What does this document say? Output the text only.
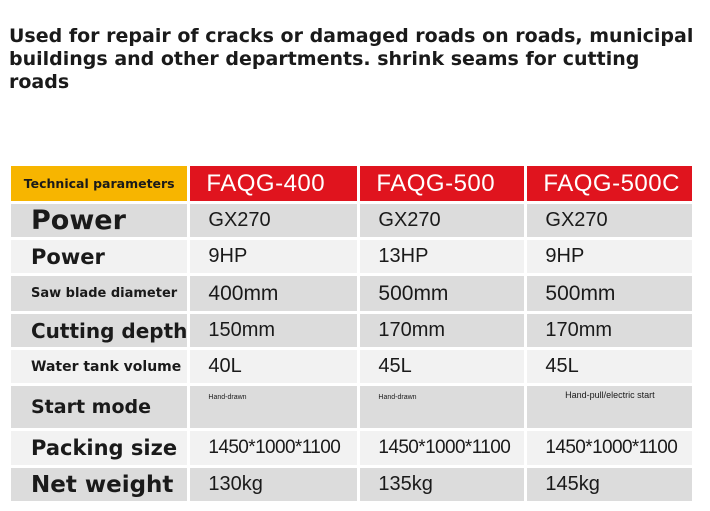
Used for repair of cracks or damaged roads on roads, municipal
buildings and other departments. shrink seams for cutting roads
Technical parameters	FAQG-400	FAQG-500	FAQG-500C
Power	GX270	GX270	GX270
Power	9HP	13HP	9HP
Saw blade diameter	400mm	500mm	500mm
Cutting depth	150mm	170mm	170mm
Water tank volume	40L	45L	45L
Start mode	Hand-drawn	Hand-drawn	Hand-pull/electric start

Packing size	1450*1000*1100	1450*1000*1100	1450*1000*1100
Net weight	130kg	135kg	145kg
